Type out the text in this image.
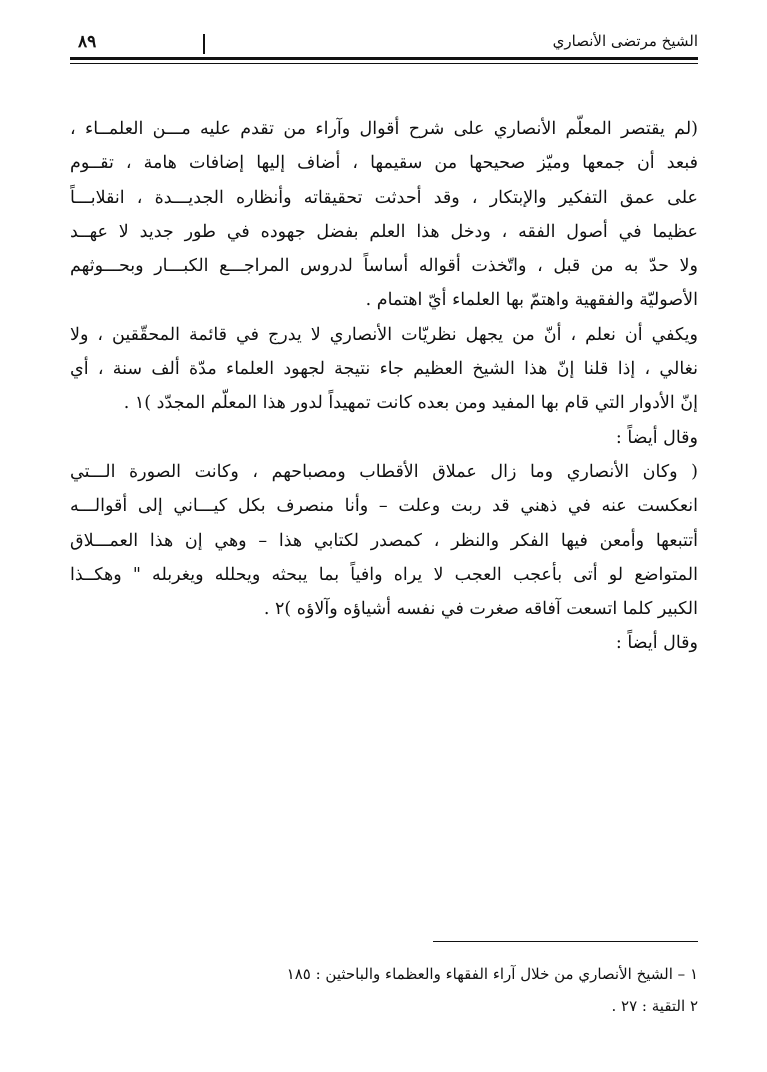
الشيخ مرتضى الأنصاري
٨٩

(لم يقتصر المعلّم الأنصاري على شرح أقوال وآراء من تقدم عليه مـــن العلمــاء ،
فبعد أن جمعها وميّز صحيحها من سقيمها ، أضاف إليها إضافات هامة ، تقــوم
على عمق التفكير والإبتكار ، وقد أحدثت تحقيقاته وأنظاره الجديـــدة ، انقلابـــاً
عظيما في أصول الفقه ، ودخل هذا العلم بفضل جهوده في طور جديد لا عهــد
ولا حدّ به من قبل ، واتّخذت أقواله أساساً لدروس المراجـــع الكبـــار وبحـــوثهم
الأصوليّة والفقهية واهتمّ بها العلماء أيّ اهتمام .

ويكفي أن نعلم ، أنّ من يجهل نظريّات الأنصاري لا يدرج في قائمة المحقّقين ، ولا
نغالي ، إذا قلنا إنّ هذا الشيخ العظيم جاء نتيجة لجهود العلماء مدّة ألف سنة ، أي
إنّ الأدوار التي قام بها المفيد ومن بعده كانت تمهيداً لدور هذا المعلّم المجدّد )١ .

وقال أيضاً :

( وكان الأنصاري وما زال عملاق الأقطاب ومصباحهم ، وكانت الصورة الـــتي
انعكست عنه في ذهني قد ربت وعلت – وأنا منصرف بكل كيـــاني إلى أقوالـــه
أتتبعها وأمعن فيها الفكر والنظر ، كمصدر لكتابي هذا – وهي إن هذا العمـــلاق
المتواضع لو أتى بأعجب العجب لا يراه وافياً بما يبحثه ويحلله ويغربله " وهكــذا
الكبير كلما اتسعت آفاقه صغرت في نفسه أشياؤه وآلاؤه )٢ .

وقال أيضاً :

١ – الشيخ الأنصاري من خلال آراء الفقهاء والعظماء والباحثين : ١٨٥
٢ التقية : ٢٧ .
